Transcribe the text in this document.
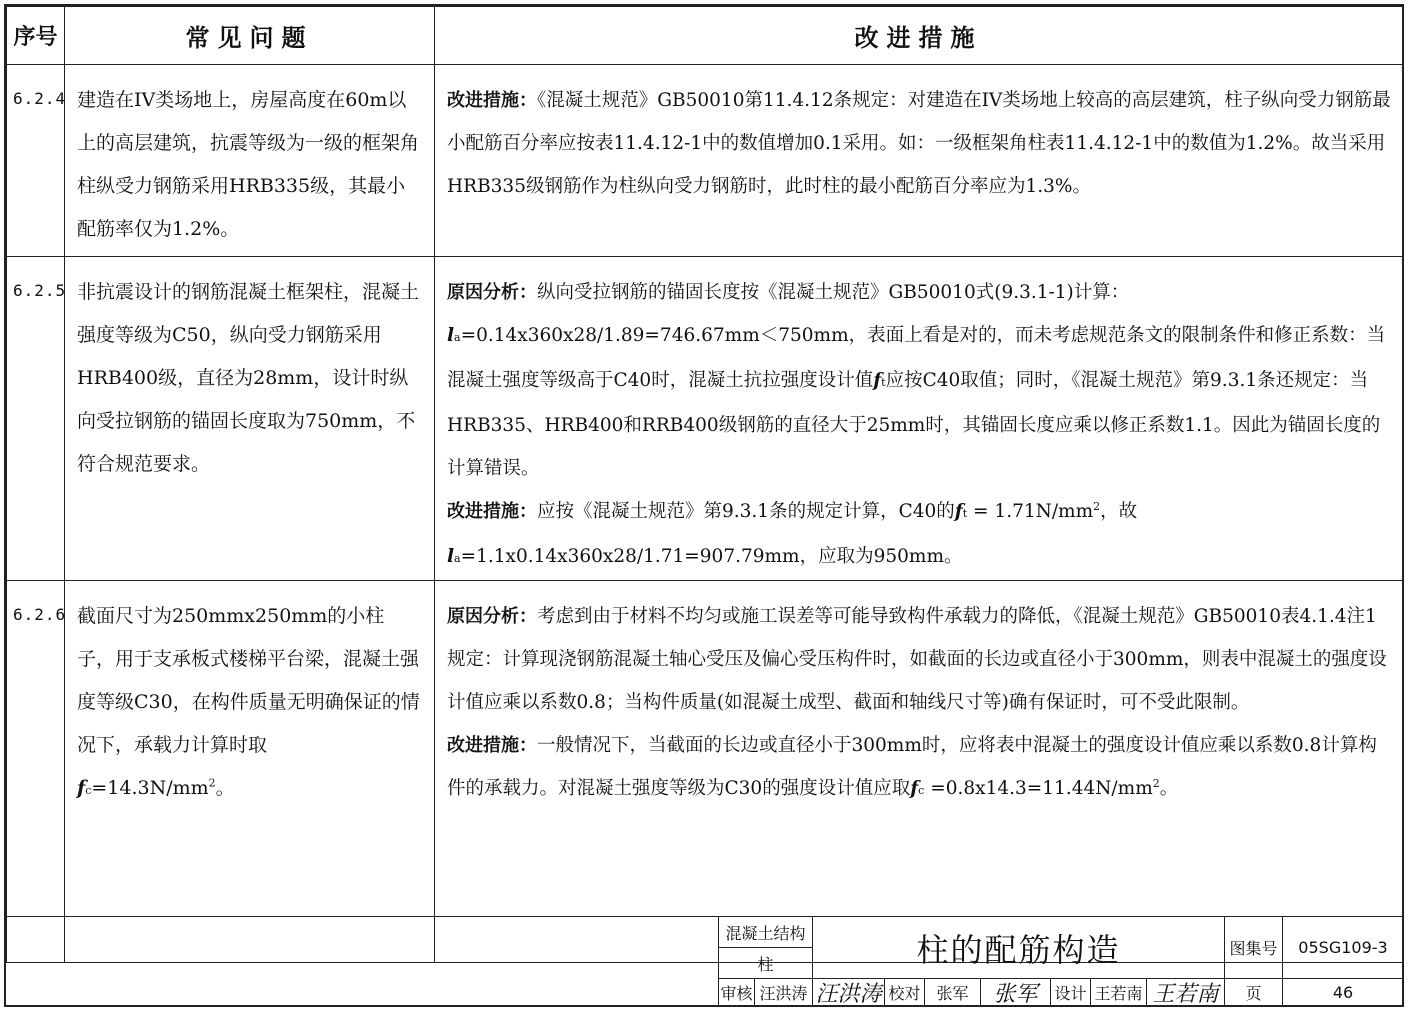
序号	常见问题	改进措施
6.2.4	建造在IV类场地上，房屋高度在60m以上的高层建筑，抗震等级为一级的框架角柱纵受力钢筋采用HRB335级，其最小配筋率仅为1.2%。	改进措施：《混凝土规范》GB50010第11.4.12条规定：对建造在IV类场地上较高的高层建筑，柱子纵向受力钢筋最小配筋百分率应按表11.4.12-1中的数值增加0.1采用。如：一级框架角柱表11.4.12-1中的数值为1.2%。故当采用HRB335级钢筋作为柱纵向受力钢筋时，此时柱的最小配筋百分率应为1.3%。

6.2.5	非抗震设计的钢筋混凝土框架柱，混凝土强度等级为C50，纵向受力钢筋采用HRB400级，直径为28mm，设计时纵向受拉钢筋的锚固长度取为750mm，不符合规范要求。	原因分析：纵向受拉钢筋的锚固长度按《混凝土规范》GB50010式(9.3.1-1)计算：la=0.14x360x28/1.89=746.67mm＜750mm，表面上看是对的，而未考虑规范条文的限制条件和修正系数：当混凝土强度等级高于C40时，混凝土抗拉强度设计值ft应按C40取值；同时，《混凝土规范》第9.3.1条还规定：当HRB335、HRB400和RRB400级钢筋的直径大于25mm时，其锚固长度应乘以修正系数1.1。因此为锚固长度的计算错误。
改进措施：应按《混凝土规范》第9.3.1条的规定计算，C40的ft = $1.71N/mm^2$，故la=1.1x0.14x360x28/1.71=907.79mm，应取为950mm。

6.2.6	截面尺寸为250mmx250mm的小柱子，用于支承板式楼梯平台梁，混凝土强度等级C30，在构件质量无明确保证的情况下，承载力计算时取$fc=14.3N/mm^2$。	原因分析：考虑到由于材料不均匀或施工误差等可能导致构件承载力的降低，《混凝土规范》GB50010表4.1.4注1规定：计算现浇钢筋混凝土轴心受压及偏心受压构件时，如截面的长边或直径小于300mm，则表中混凝土的强度设计值应乘以系数0.8；当构件质量(如混凝土成型、截面和轴线尺寸等)确有保证时，可不受此限制。
改进措施：一般情况下，当截面的长边或直径小于300mm时，应将表中混凝土的强度设计值应乘以系数0.8计算构件的承载力。对混凝土强度等级为C30的强度设计值应取fc $=0.8x14.3=11.44N/mm^2$。
混凝土结构
柱	柱的配筋构造	图集号	05SG109-3
审核 汪洪涛 汪洪涛 校对 张军	张军	设计 王若南 王若南	页	46
